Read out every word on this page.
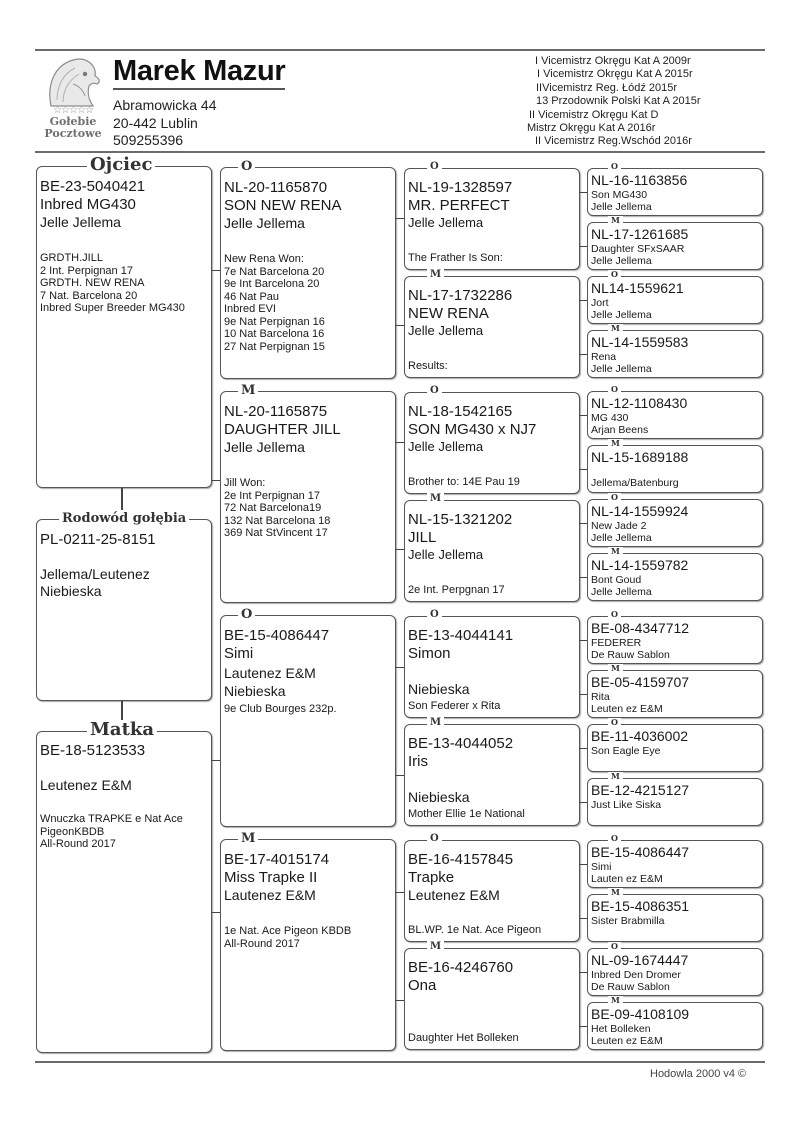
☆☆☆☆☆
Gołebie
Pocztowe
Marek Mazur
Abramowicka 44
20-442 Lublin
509255396
I Vicemistrz Okręgu Kat A 2009r
I Vicemistrz Okręgu Kat A 2015r
IIVicemistrz Reg. Łódź 2015r
13 Przodownik Polski Kat A 2015r
II Vicemistrz Okręgu Kat D
Mistrz Okręgu Kat A 2016r
II Vicemistrz Reg.Wschód 2016r
Ojciec
BE-23-5040421
Inbred MG430
Jelle Jellema
GRDTH.JILL
2 Int. Perpignan 17
GRDTH. NEW RENA
7 Nat. Barcelona 20
Inbred Super Breeder MG430
Rodowód gołębia
PL-0211-25-8151
Jellema/Leutenez
Niebieska
Matka
BE-18-5123533
Leutenez E&M
Wnuczka TRAPKE e Nat Ace
PigeonKBDB
All-Round 2017
O
NL-20-1165870
SON NEW RENA
Jelle Jellema
New Rena Won:
7e Nat Barcelona 20
9e Int Barcelona 20
46 Nat Pau
Inbred EVI
9e Nat Perpignan 16
10 Nat Barcelona 16
27 Nat Perpignan 15
M
NL-20-1165875
DAUGHTER JILL
Jelle Jellema
Jill Won:
2e Int Perpignan 17
72 Nat Barcelona19
132 Nat Barcelona 18
369 Nat StVincent 17
O
BE-15-4086447
Simi
Lautenez E&M
Niebieska
9e Club Bourges 232p.
M
BE-17-4015174
Miss Trapke II
Lautenez E&M
1e Nat. Ace Pigeon KBDB
All-Round 2017
O
NL-19-1328597
MR. PERFECT
Jelle Jellema
The Frather Is Son:
M
NL-17-1732286
NEW RENA
Jelle Jellema
Results:
O
NL-18-1542165
SON MG430 x NJ7
Jelle Jellema
Brother to: 14E Pau 19
M
NL-15-1321202
JILL
Jelle Jellema
2e Int. Perpgnan 17
O
BE-13-4044141
Simon
Niebieska
Son Federer x Rita
M
BE-13-4044052
Iris
Niebieska
Mother Ellie 1e National
O
BE-16-4157845
Trapke
Leutenez E&M
BL.WP. 1e Nat. Ace Pigeon
M
BE-16-4246760
Ona
Daughter Het Bolleken
O
NL-16-1163856
Son MG430
Jelle Jellema
M
NL-17-1261685
Daughter SFxSAAR
Jelle Jellema
O
NL14-1559621
Jort
Jelle Jellema
M
NL-14-1559583
Rena
Jelle Jellema
O
NL-12-1108430
MG 430
Arjan Beens
M
NL-15-1689188
Jellema/Batenburg
O
NL-14-1559924
New Jade 2
Jelle Jellema
M
NL-14-1559782
Bont Goud
Jelle Jellema
O
BE-08-4347712
FEDERER
De Rauw Sablon
M
BE-05-4159707
Rita
Leuten ez E&M
O
BE-11-4036002
Son Eagle Eye
M
BE-12-4215127
Just Like Siska
O
BE-15-4086447
Simi
Lauten ez E&M
M
BE-15-4086351
Sister Brabmilla
O
NL-09-1674447
Inbred Den Dromer
De Rauw Sablon
M
BE-09-4108109
Het Bolleken
Leuten ez E&M
Hodowla 2000 v4 ©
